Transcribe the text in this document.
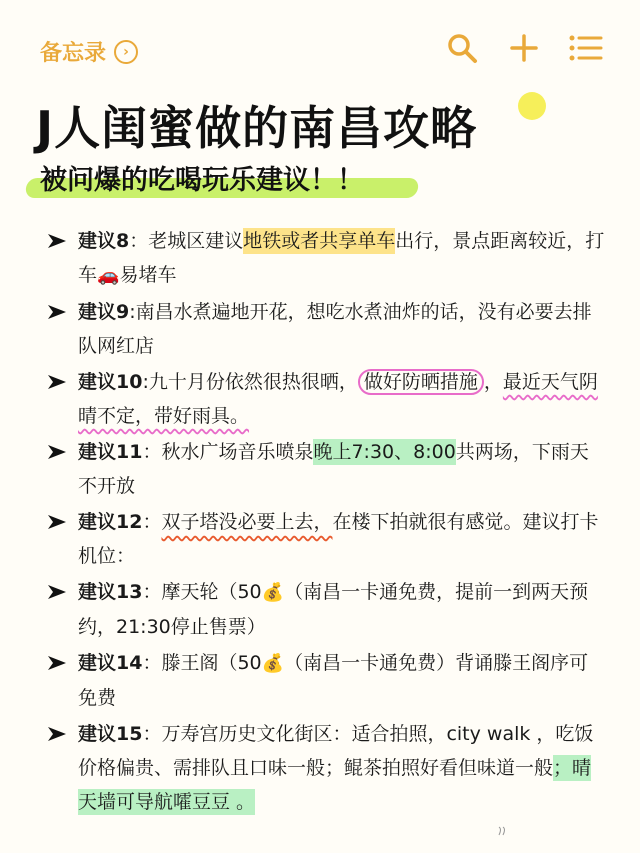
备忘录	›
J人闺蜜做的南昌攻略
被问爆的吃喝玩乐建议！！
建议8：老城区建议地铁或者共享单车出行，景点距离较近，打车🚗易堵车
建议9:南昌水煮遍地开花，想吃水煮油炸的话，没有必要去排队网红店
建议10:九十月份依然很热很晒， 做好防晒措施 ，最近天气阴晴不定，带好雨具。
建议11：秋水广场音乐喷泉晚上7:30、8:00共两场，下雨天不开放
建议12：双子塔没必要上去，在楼下拍就很有感觉。建议打卡机位：
建议13：摩天轮（50💰（南昌一卡通免费，提前一到两天预约，21:30停止售票）
建议14：滕王阁（50💰（南昌一卡通免费）背诵滕王阁序可免费
建议15：万寿宫历史文化街区：适合拍照，city walk ，吃饭价格偏贵、需排队且口味一般；鲲茶拍照好看但味道一般；晴天墙可导航嚯豆豆 。
